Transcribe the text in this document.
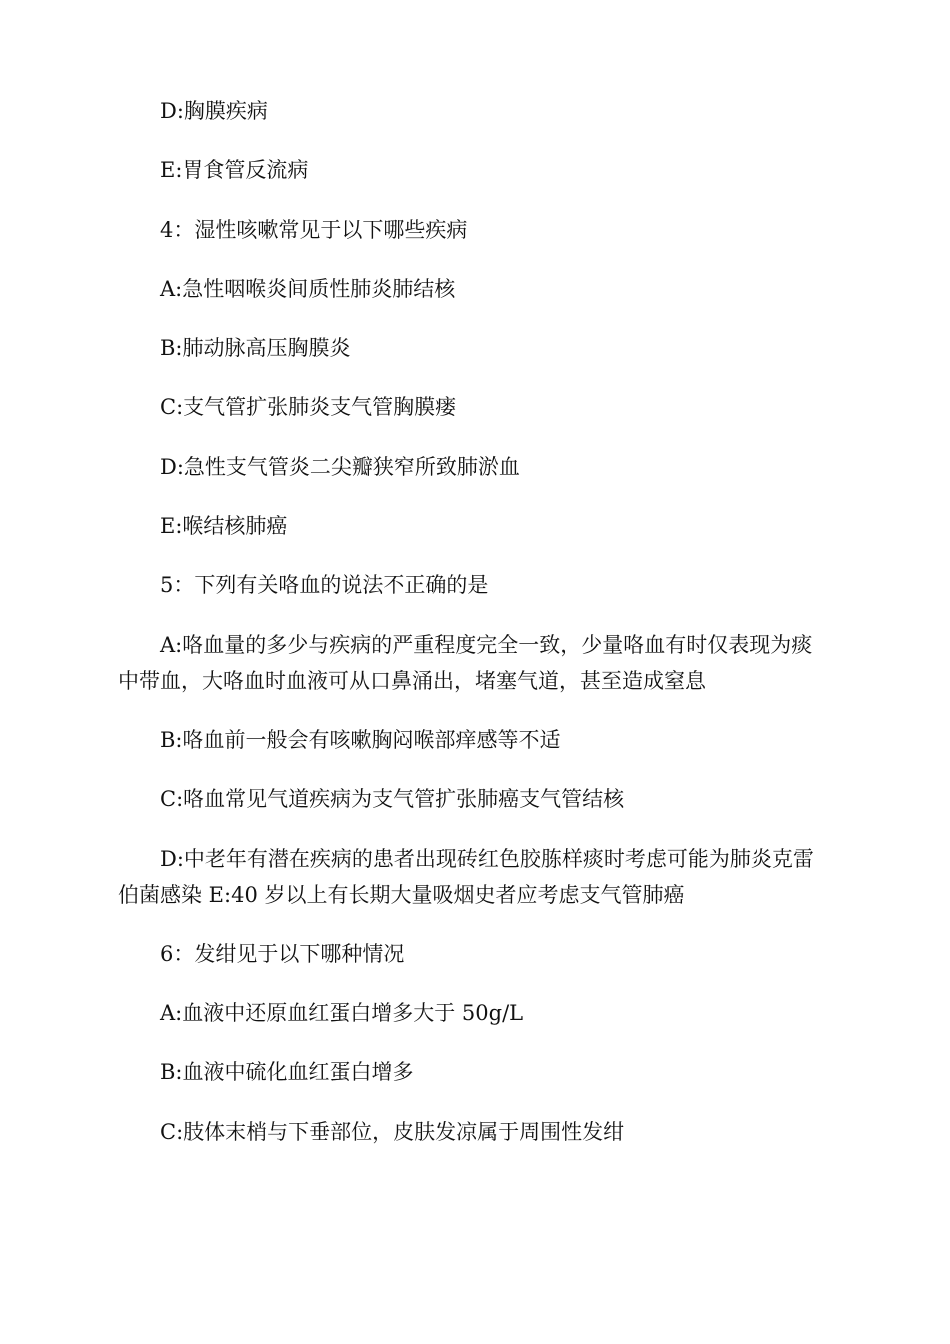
D:胸膜疾病

E:胃食管反流病

4：湿性咳嗽常见于以下哪些疾病

A:急性咽喉炎间质性肺炎肺结核

B:肺动脉高压胸膜炎

C:支气管扩张肺炎支气管胸膜瘘

D:急性支气管炎二尖瓣狭窄所致肺淤血

E:喉结核肺癌

5：下列有关咯血的说法不正确的是

A:咯血量的多少与疾病的严重程度完全一致，少量咯血有时仅表现为痰中带血，大咯血时血液可从口鼻涌出，堵塞气道，甚至造成窒息

B:咯血前一般会有咳嗽胸闷喉部痒感等不适

C:咯血常见气道疾病为支气管扩张肺癌支气管结核

D:中老年有潜在疾病的患者出现砖红色胶胨样痰时考虑可能为肺炎克雷伯菌感染 E:40 岁以上有长期大量吸烟史者应考虑支气管肺癌

6：发绀见于以下哪种情况

A:血液中还原血红蛋白增多大于 50g/L

B:血液中硫化血红蛋白增多

C:肢体末梢与下垂部位，皮肤发凉属于周围性发绀
